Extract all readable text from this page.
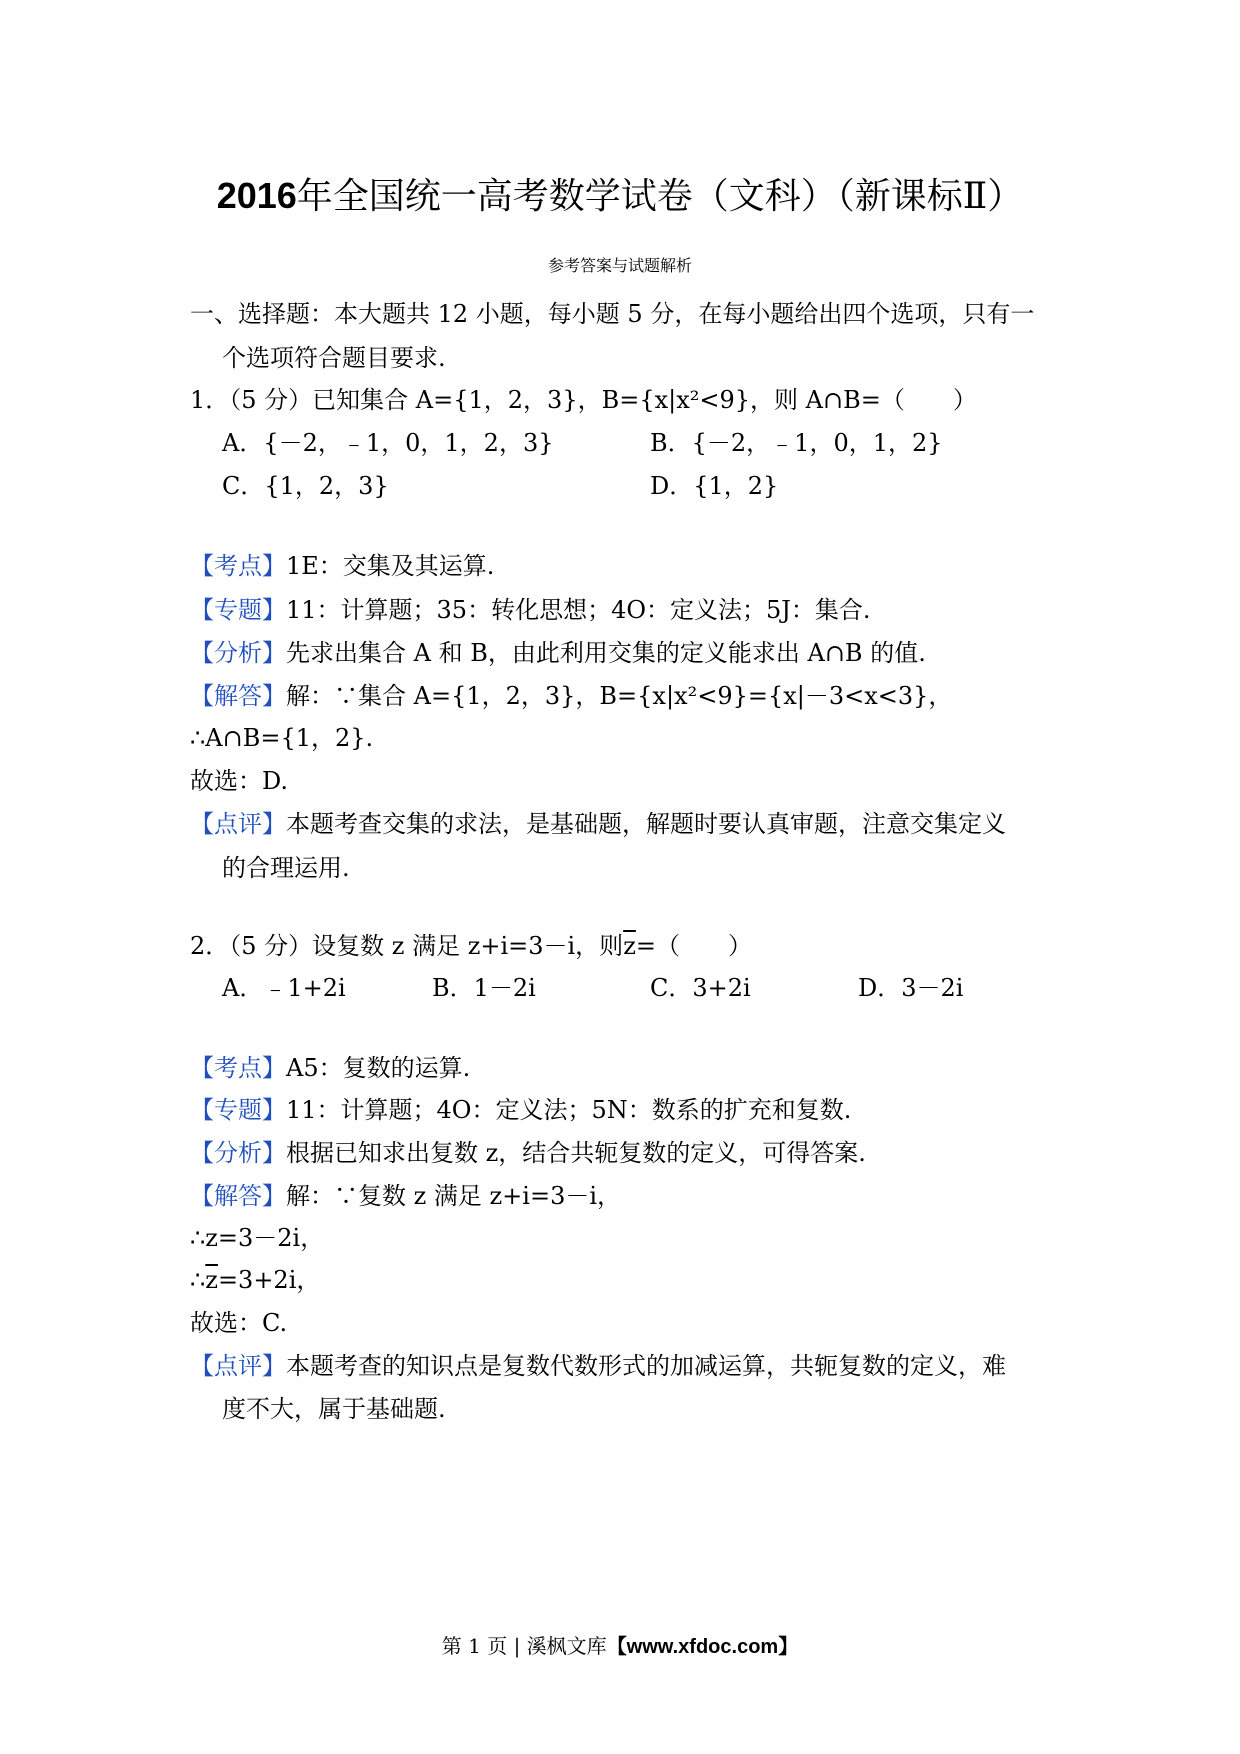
2016年全国统一高考数学试卷（文科）（新课标Ⅱ）
参考答案与试题解析
一、选择题：本大题共 12 小题，每小题 5 分，在每小题给出四个选项，只有一
个选项符合题目要求.
1．（5 分）已知集合 A={1，2，3}，B={x|x²<9}，则 A∩B=（　　）
A．{－2，﹣1，0，1，2，3}	B．{－2，﹣1，0，1，2}
C．{1，2，3}	D．{1，2}
【考点】1E：交集及其运算.
【专题】11：计算题；35：转化思想；4O：定义法；5J：集合.
【分析】先求出集合 A 和 B，由此利用交集的定义能求出 A∩B 的值.
【解答】解：∵集合 A={1，2，3}，B={x|x²<9}={x|－3<x<3}，
∴A∩B={1，2}.
故选：D.
【点评】本题考查交集的求法，是基础题，解题时要认真审题，注意交集定义
的合理运用.
2．（5 分）设复数 z 满足 z+i=3－i，则$\overline{z}=$（　　）
A．﹣1+2i	B．1－2i	C．3+2i	D．3－2i
【考点】A5：复数的运算.
【专题】11：计算题；4O：定义法；5N：数系的扩充和复数.
【分析】根据已知求出复数 z，结合共轭复数的定义，可得答案.
【解答】解：∵复数 z 满足 z+i=3－i，
∴z=3－2i，
$\therefore\overline{z}=3+2i$，
故选：C.
【点评】本题考查的知识点是复数代数形式的加减运算，共轭复数的定义，难
度不大，属于基础题.
第 1 页 | 溪枫文库【www.xfdoc.com】
